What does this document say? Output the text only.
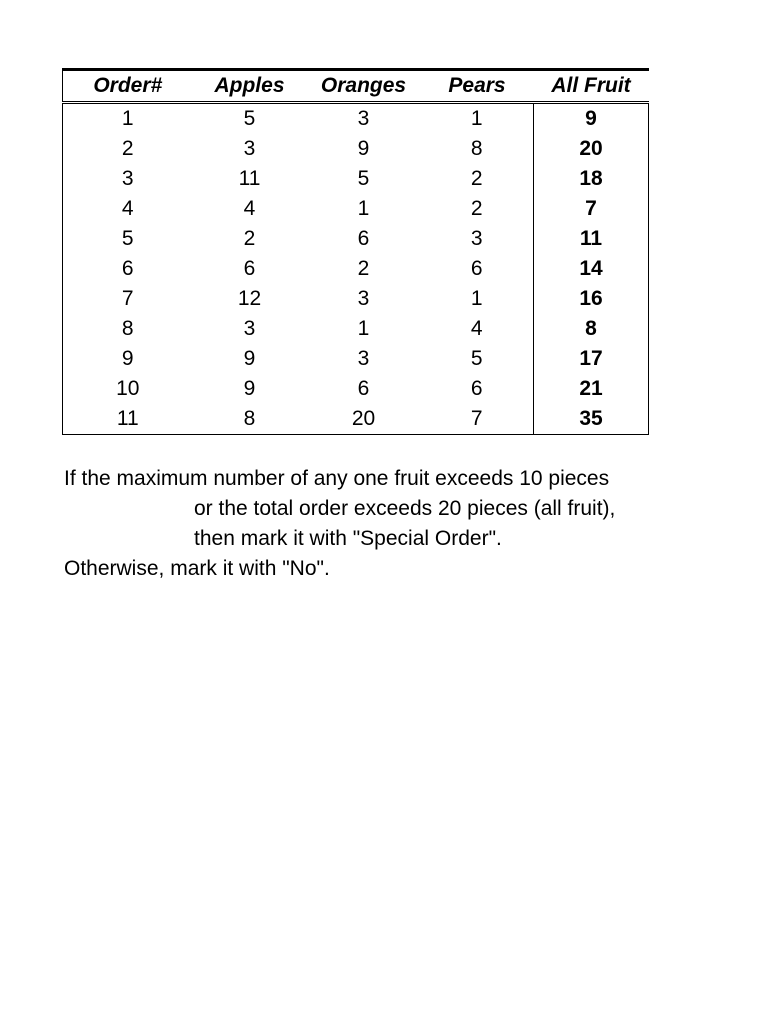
Order#	Apples	Oranges	Pears	All Fruit
1	5	3	1	9
2	3	9	8	20
3	11	5	2	18
4	4	1	2	7
5	2	6	3	11
6	6	2	6	14
7	12	3	1	16
8	3	1	4	8
9	9	3	5	17
10	9	6	6	21
11	8	20	7	35
If the maximum number of any one fruit exceeds 10 pieces
or the total order exceeds 20 pieces (all fruit),
then mark it with "Special Order".
Otherwise, mark it with "No".
